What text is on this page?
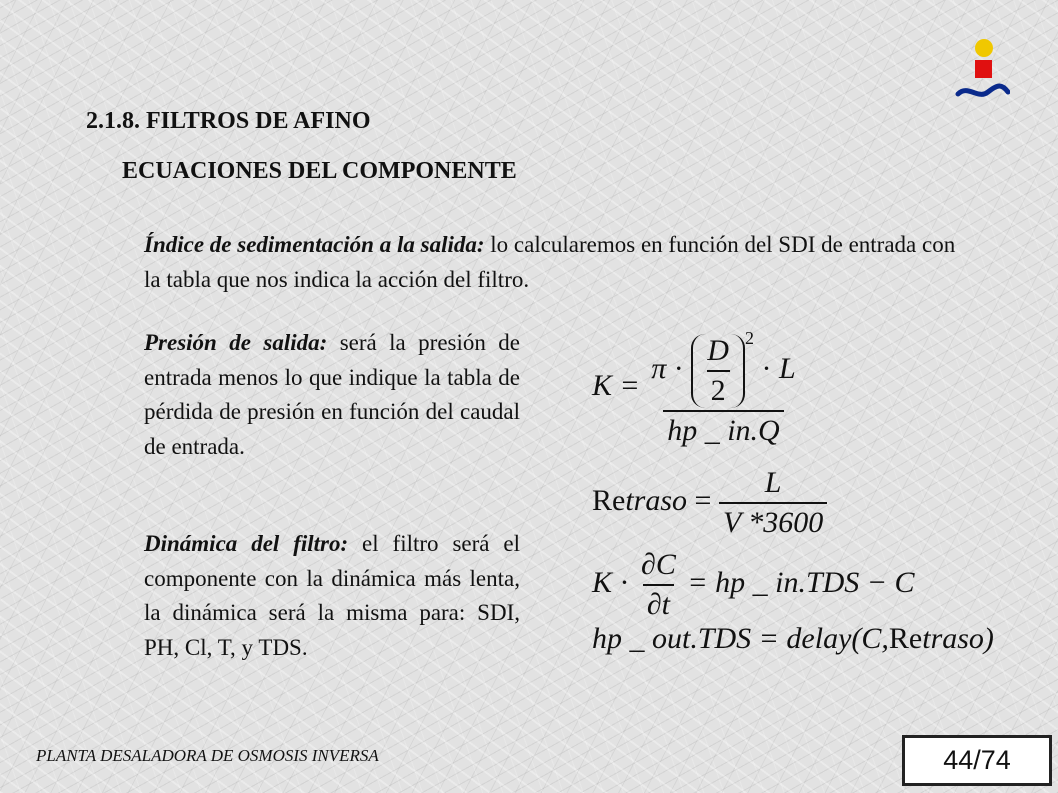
2.1.8. FILTROS DE AFINO
ECUACIONES DEL COMPONENTE

Índice de sedimentación a la salida: lo calcularemos en función del SDI de entrada con la tabla que nos indica la acción del filtro.

Presión de salida: será la presión de entrada menos lo que indique la tabla de pérdida de presión en función del caudal de entrada.

Dinámica del filtro: el filtro será el componente con la dinámica más lenta, la dinámica será la misma para: SDI, PH, Cl, T, y TDS.

K =
$\pi \cdot \frac{D}{2} ^2 \cdot L$
hp _ in.Q
Retraso = $\frac{L}{V *3600}$
$K \cdot \frac{\partial C}{\partial t}$ = hp _ in.TDS − C
hp _ out.TDS = delay(C,Retraso)
PLANTA DESALADORA DE OSMOSIS INVERSA	44/74
